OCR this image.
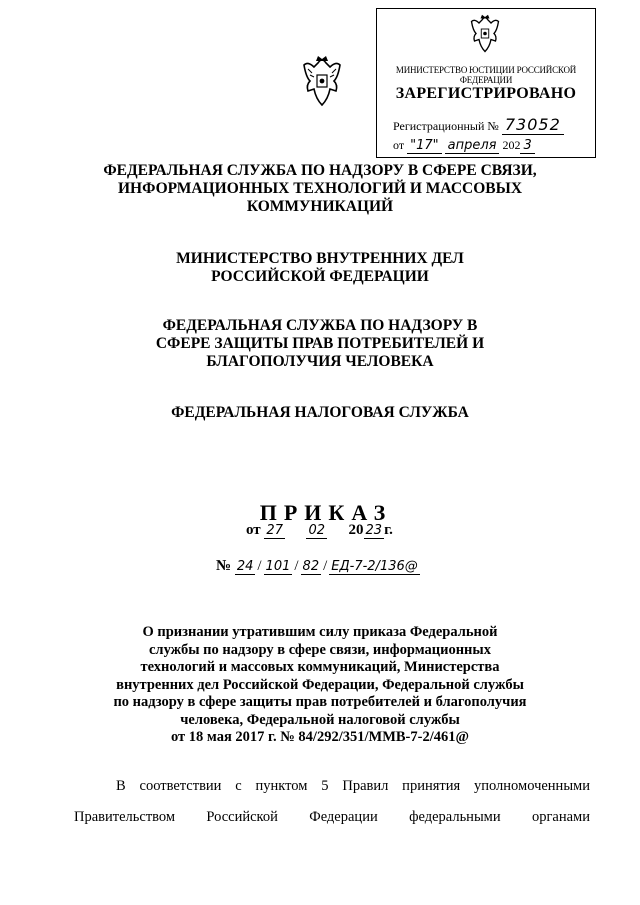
МИНИСТЕРСТВО ЮСТИЦИИ РОССИЙСКОЙ ФЕДЕРАЦИИ
ЗАРЕГИСТРИРОВАНО
Регистрационный № 73052
от "17" апреля 202 3
ФЕДЕРАЛЬНАЯ СЛУЖБА ПО НАДЗОРУ В СФЕРЕ СВЯЗИ,
ИНФОРМАЦИОННЫХ ТЕХНОЛОГИЙ И МАССОВЫХ
КОММУНИКАЦИЙ
МИНИСТЕРСТВО ВНУТРЕННИХ ДЕЛ
РОССИЙСКОЙ ФЕДЕРАЦИИ
ФЕДЕРАЛЬНАЯ СЛУЖБА ПО НАДЗОРУ В
СФЕРЕ ЗАЩИТЫ ПРАВ ПОТРЕБИТЕЛЕЙ И
БЛАГОПОЛУЧИЯ ЧЕЛОВЕКА
ФЕДЕРАЛЬНАЯ НАЛОГОВАЯ СЛУЖБА
ПРИКАЗ
от 27 02 20 23 г.
№ 24 / 101 / 82 / ЕД-7-2/136@
О признании утратившим силу приказа Федеральной
службы по надзору в сфере связи, информационных
технологий и массовых коммуникаций, Министерства
внутренних дел Российской Федерации, Федеральной службы
по надзору в сфере защиты прав потребителей и благополучия
человека, Федеральной налоговой службы
от 18 мая 2017 г. № 84/292/351/ММВ-7-2/461@
В соответствии с пунктом 5 Правил принятия уполномоченными
Правительством Российской Федерации федеральными органами
